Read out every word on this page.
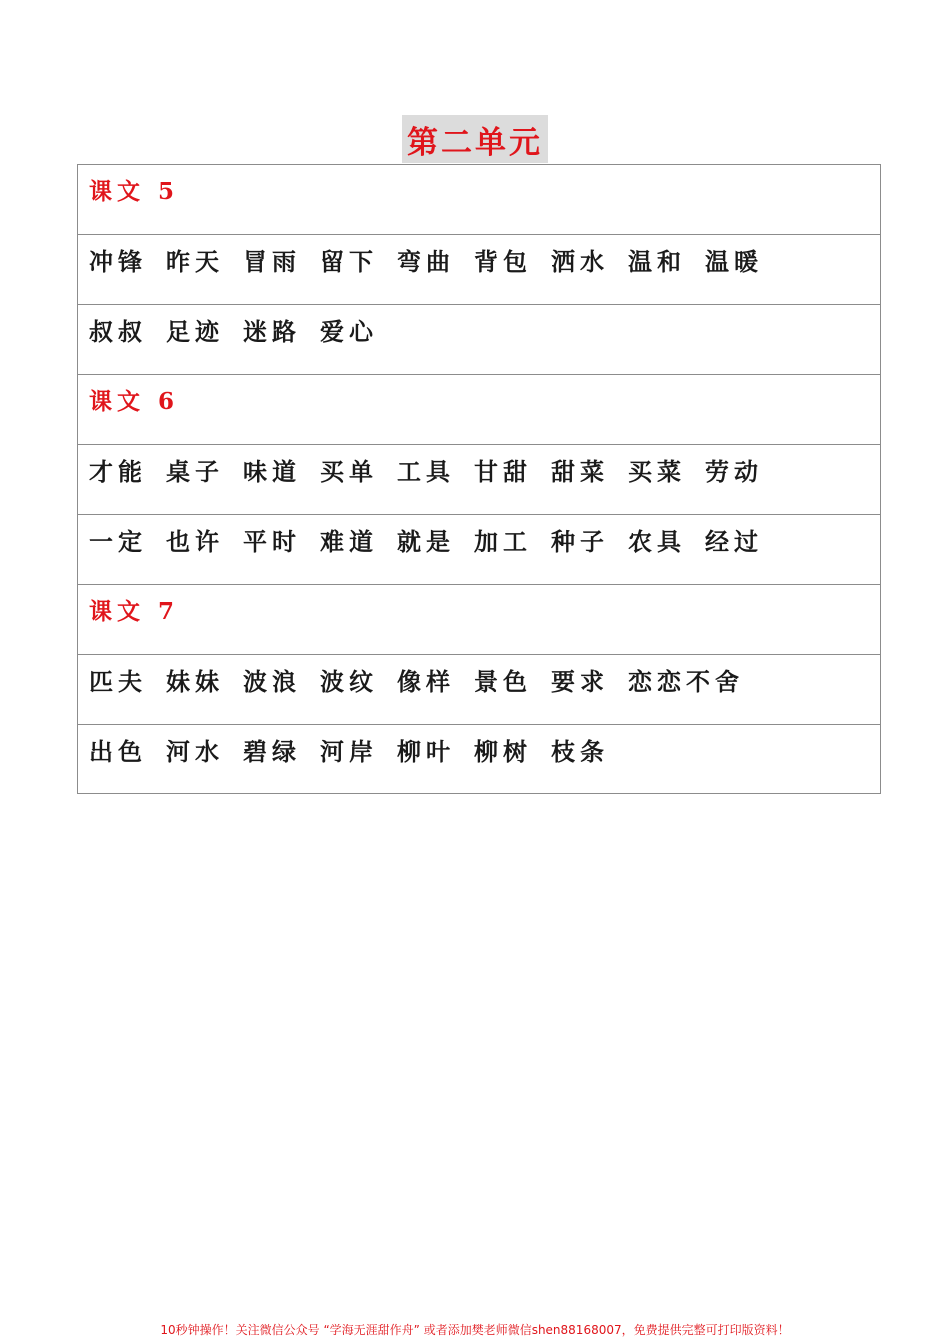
第二单元
课文 5
冲锋 昨天 冒雨 留下 弯曲 背包 洒水 温和 温暖
叔叔 足迹 迷路 爱心
课文 6
才能 桌子 味道 买单 工具 甘甜 甜菜 买菜 劳动
一定 也许 平时 难道 就是 加工 种子 农具 经过
课文 7
匹夫 妹妹 波浪 波纹 像样 景色 要求 恋恋不舍
出色 河水 碧绿 河岸 柳叶 柳树 枝条
10秒钟操作！关注微信公众号 “学海无涯甜作舟” 或者添加樊老师微信shen88168007，免费提供完整可打印版资料！
